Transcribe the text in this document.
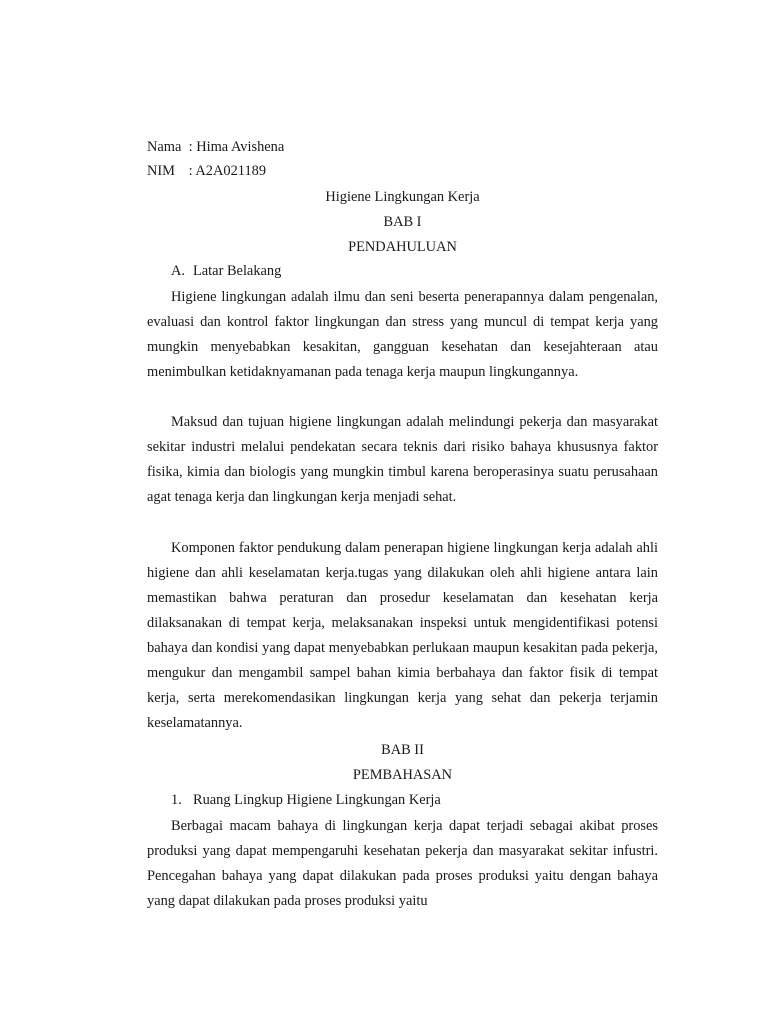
Nama : Hima Avishena
NIM : A2A021189
Higiene Lingkungan Kerja
BAB I
PENDAHULUAN
A. Latar Belakang

Higiene lingkungan adalah ilmu dan seni beserta penerapannya dalam pengenalan, evaluasi dan kontrol faktor lingkungan dan stress yang muncul di tempat kerja yang mungkin menyebabkan kesakitan, gangguan kesehatan dan kesejahteraan atau menimbulkan ketidaknyamanan pada tenaga kerja maupun lingkungannya.

Maksud dan tujuan higiene lingkungan adalah melindungi pekerja dan masyarakat sekitar industri melalui pendekatan secara teknis dari risiko bahaya khususnya faktor fisika, kimia dan biologis yang mungkin timbul karena beroperasinya suatu perusahaan agat tenaga kerja dan lingkungan kerja menjadi sehat.

Komponen faktor pendukung dalam penerapan higiene lingkungan kerja adalah ahli higiene dan ahli keselamatan kerja.tugas yang dilakukan oleh ahli higiene antara lain memastikan bahwa peraturan dan prosedur keselamatan dan kesehatan kerja dilaksanakan di tempat kerja, melaksanakan inspeksi untuk mengidentifikasi potensi bahaya dan kondisi yang dapat menyebabkan perlukaan maupun kesakitan pada pekerja, mengukur dan mengambil sampel bahan kimia berbahaya dan faktor fisik di tempat kerja, serta merekomendasikan lingkungan kerja yang sehat dan pekerja terjamin keselamatannya.

BAB II
PEMBAHASAN
1. Ruang Lingkup Higiene Lingkungan Kerja

Berbagai macam bahaya di lingkungan kerja dapat terjadi sebagai akibat proses produksi yang dapat mempengaruhi kesehatan pekerja dan masyarakat sekitar infustri. Pencegahan bahaya yang dapat dilakukan pada proses produksi yaitu dengan bahaya yang dapat dilakukan pada proses produksi yaitu
